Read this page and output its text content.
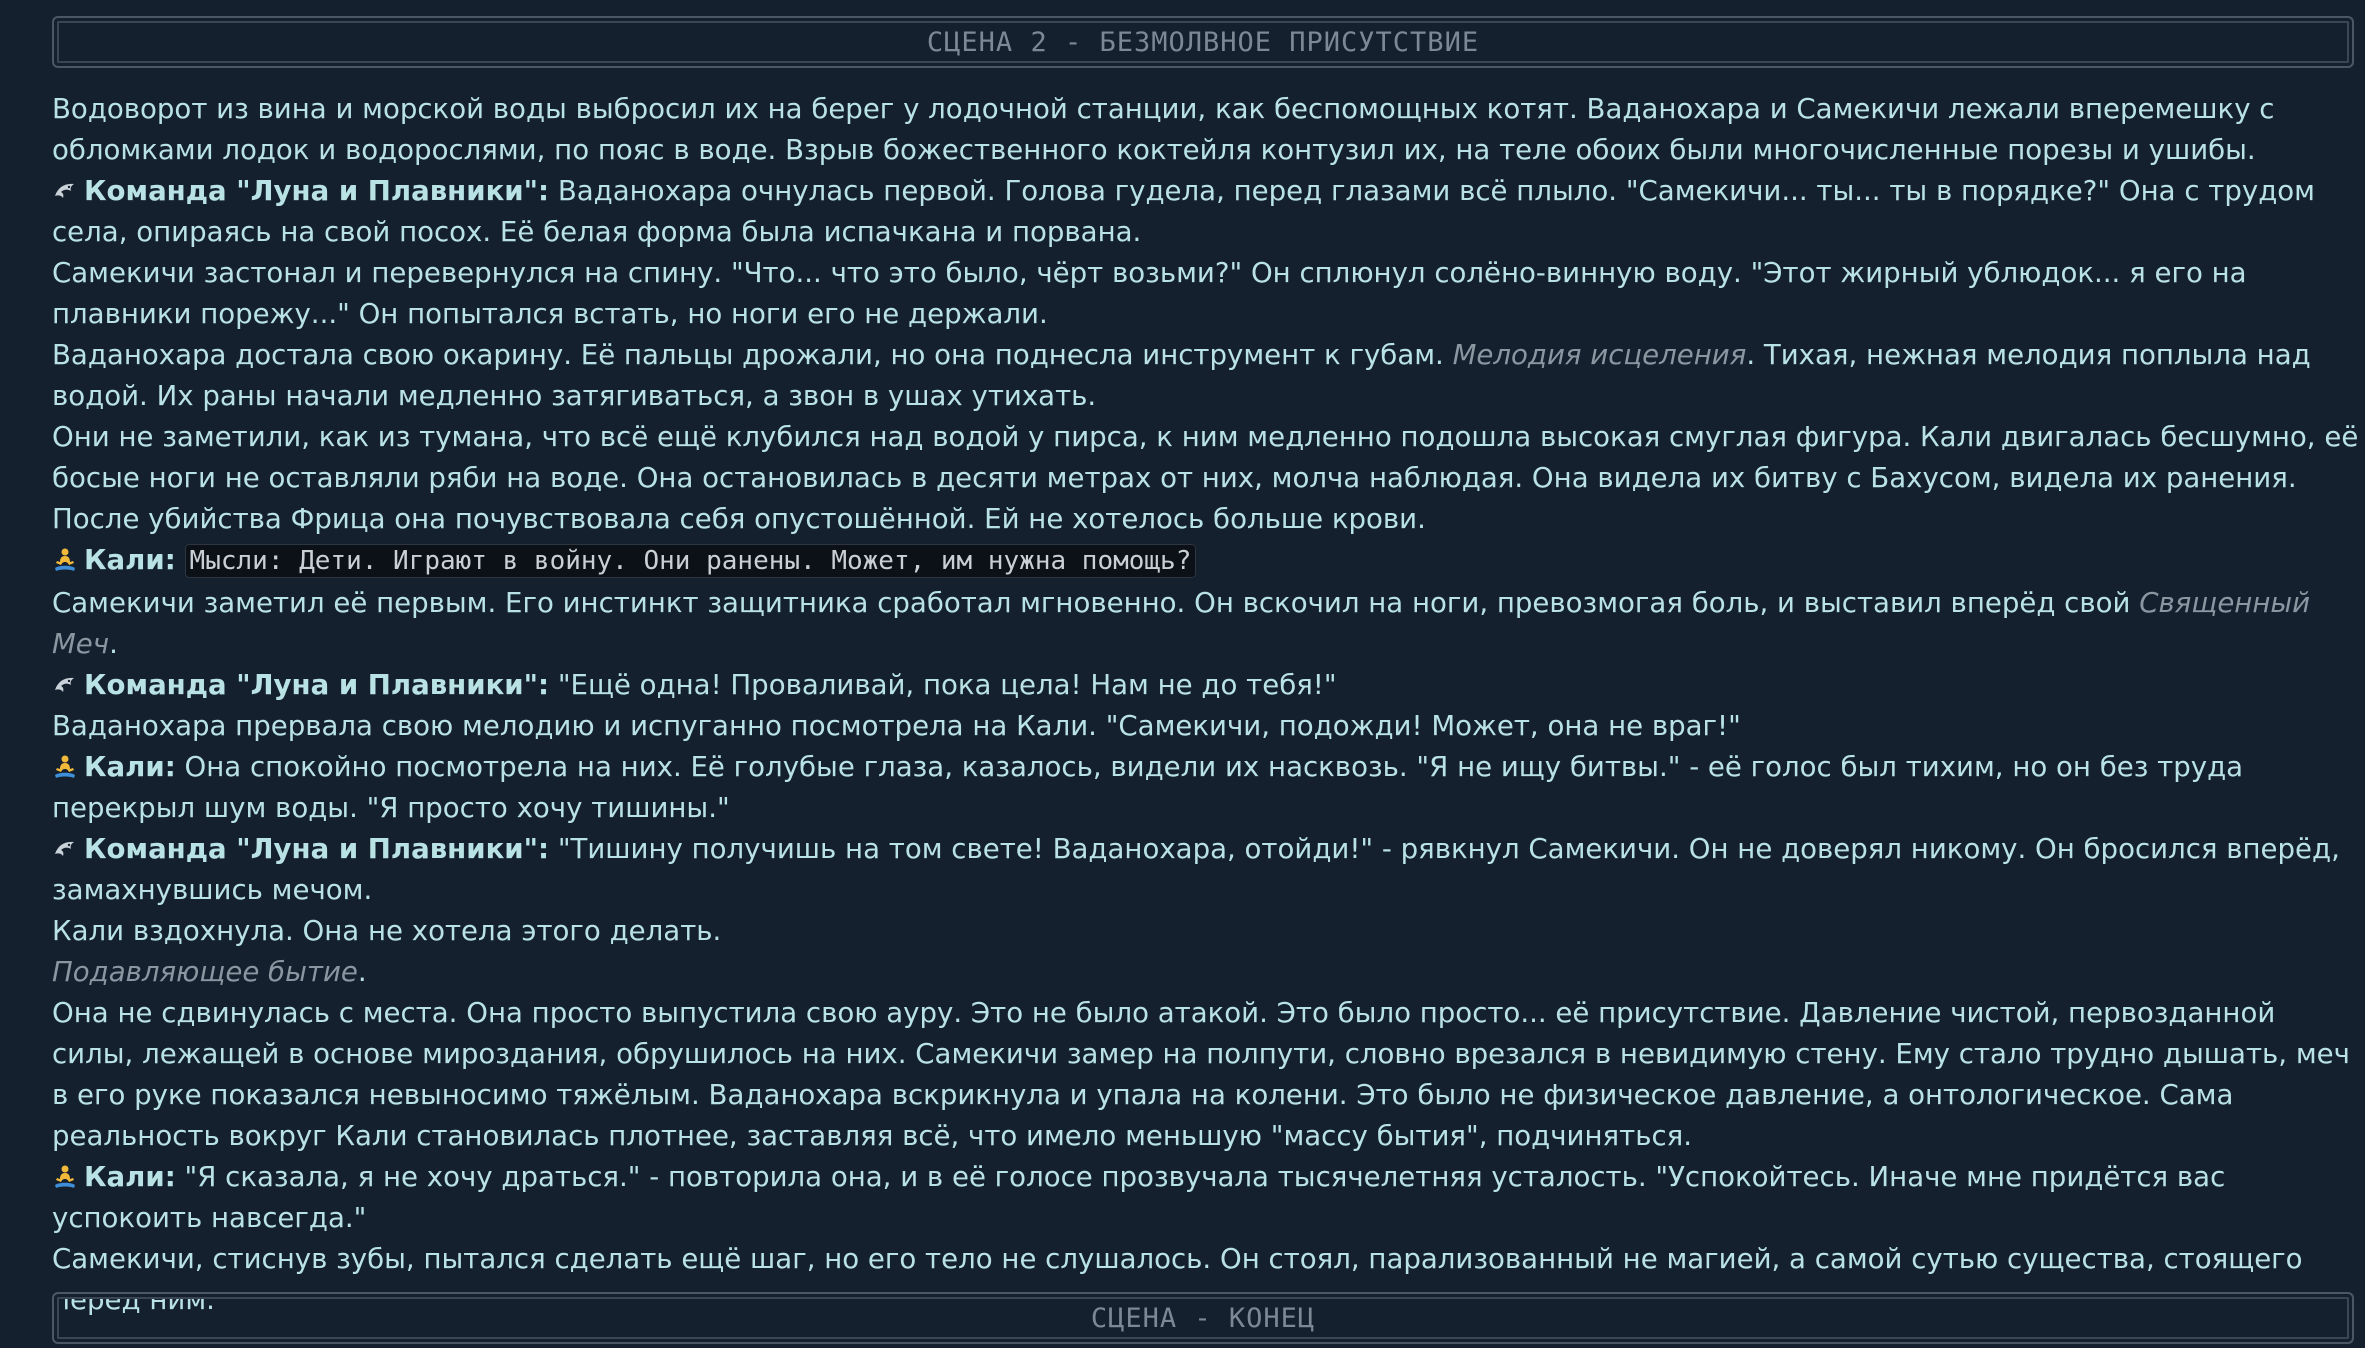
СЦЕНА 2 - БЕЗМОЛВНОЕ ПРИСУТСТВИЕ

Водоворот из вина и морской воды выбросил их на берег у лодочной станции, как беспомощных котят. Ваданохара и Самекичи лежали вперемешку с обломками лодок и водорослями, по пояс в воде. Взрыв божественного коктейля контузил их, на теле обоих были многочисленные порезы и ушибы.

Команда "Луна и Плавники": Ваданохара очнулась первой. Голова гудела, перед глазами всё плыло. "Самекичи... ты... ты в порядке?" Она с трудом села, опираясь на свой посох. Её белая форма была испачкана и порвана.

Самекичи застонал и перевернулся на спину. "Что... что это было, чёрт возьми?" Он сплюнул солёно-винную воду. "Этот жирный ублюдок... я его на плавники порежу..." Он попытался встать, но ноги его не держали.

Ваданохара достала свою окарину. Её пальцы дрожали, но она поднесла инструмент к губам. Мелодия исцеления. Тихая, нежная мелодия поплыла над водой. Их раны начали медленно затягиваться, а звон в ушах утихать.

Они не заметили, как из тумана, что всё ещё клубился над водой у пирса, к ним медленно подошла высокая смуглая фигура. Кали двигалась бесшумно, её босые ноги не оставляли ряби на воде. Она остановилась в десяти метрах от них, молча наблюдая. Она видела их битву с Бахусом, видела их ранения. После убийства Фрица она почувствовала себя опустошённой. Ей не хотелось больше крови.

Кали: Мысли: Дети. Играют в войну. Они ранены. Может, им нужна помощь?

Самекичи заметил её первым. Его инстинкт защитника сработал мгновенно. Он вскочил на ноги, превозмогая боль, и выставил вперёд свой Священный Меч.

Команда "Луна и Плавники": "Ещё одна! Проваливай, пока цела! Нам не до тебя!"

Ваданохара прервала свою мелодию и испуганно посмотрела на Кали. "Самекичи, подожди! Может, она не враг!"

Кали: Она спокойно посмотрела на них. Её голубые глаза, казалось, видели их насквозь. "Я не ищу битвы." - её голос был тихим, но он без труда перекрыл шум воды. "Я просто хочу тишины."

Команда "Луна и Плавники": "Тишину получишь на том свете! Ваданохара, отойди!" - рявкнул Самекичи. Он не доверял никому. Он бросился вперёд, замахнувшись мечом.

Кали вздохнула. Она не хотела этого делать.

Подавляющее бытие.

Она не сдвинулась с места. Она просто выпустила свою ауру. Это не было атакой. Это было просто... её присутствие. Давление чистой, первозданной силы, лежащей в основе мироздания, обрушилось на них. Самекичи замер на полпути, словно врезался в невидимую стену. Ему стало трудно дышать, меч в его руке показался невыносимо тяжёлым. Ваданохара вскрикнула и упала на колени. Это было не физическое давление, а онтологическое. Сама реальность вокруг Кали становилась плотнее, заставляя всё, что имело меньшую "массу бытия", подчиняться.

Кали: "Я сказала, я не хочу драться." - повторила она, и в её голосе прозвучала тысячелетняя усталость. "Успокойтесь. Иначе мне придётся вас успокоить навсегда."

Самекичи, стиснув зубы, пытался сделать ещё шаг, но его тело не слушалось. Он стоял, парализованный не магией, а самой сутью существа, стоящего перед ним.

СЦЕНА - КОНЕЦ
